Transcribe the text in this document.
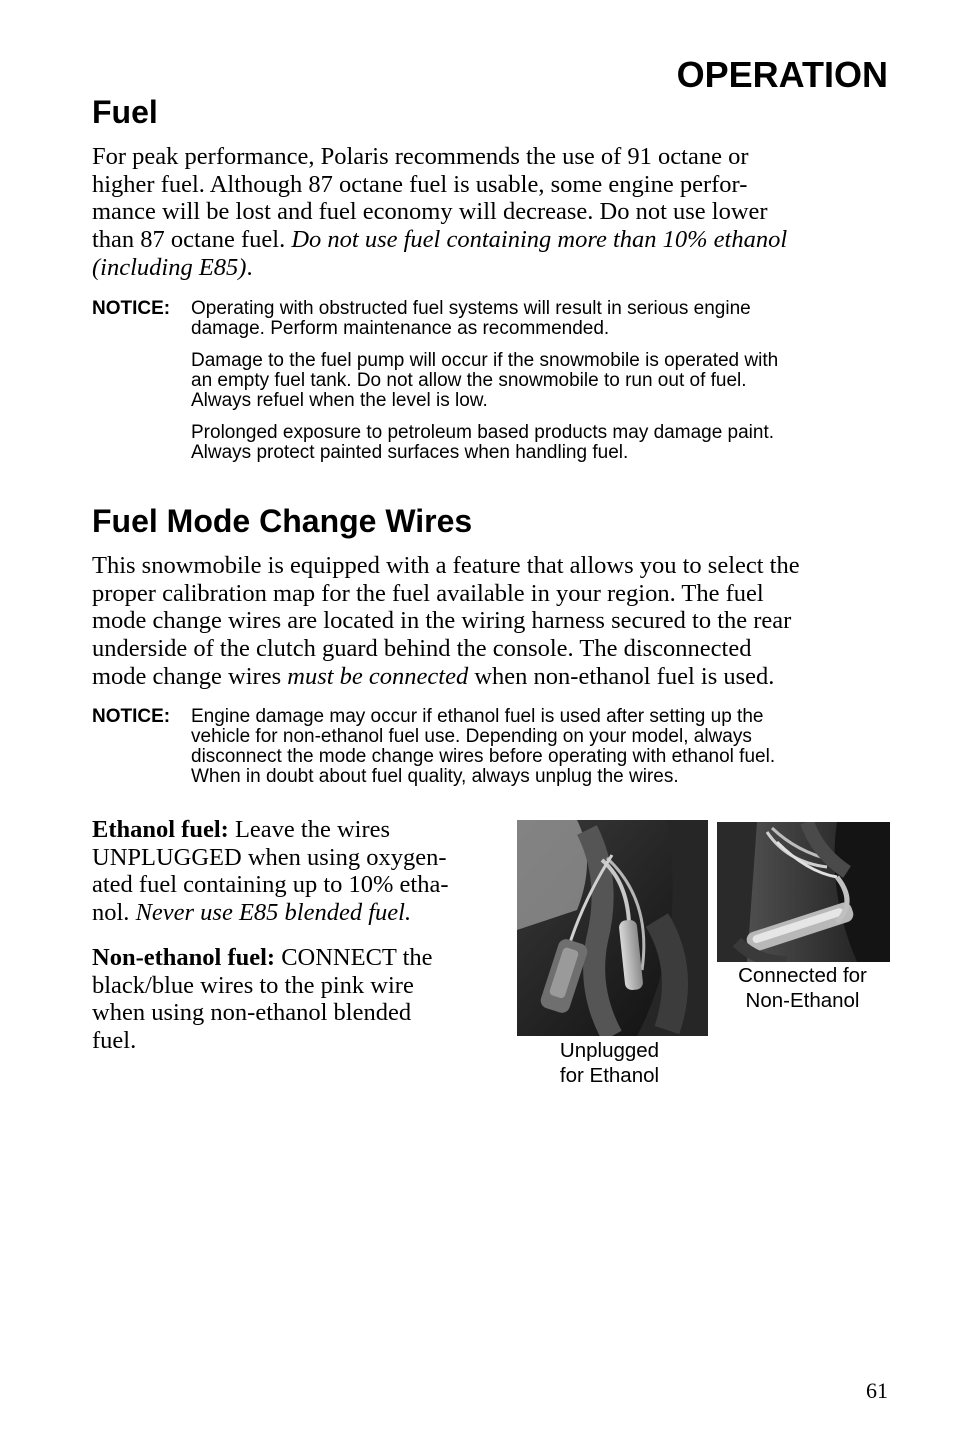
OPERATION
Fuel
For peak performance, Polaris recommends the use of 91 octane or
higher fuel. Although 87 octane fuel is usable, some engine perfor-
mance will be lost and fuel economy will decrease. Do not use lower
than 87 octane fuel. Do not use fuel containing more than 10% ethanol
(including E85).
NOTICE: Operating with obstructed fuel systems will result in serious engine
damage. Perform maintenance as recommended.

Damage to the fuel pump will occur if the snowmobile is operated with
an empty fuel tank. Do not allow the snowmobile to run out of fuel.
Always refuel when the level is low.

Prolonged exposure to petroleum based products may damage paint.
Always protect painted surfaces when handling fuel.

Fuel Mode Change Wires
This snowmobile is equipped with a feature that allows you to select the
proper calibration map for the fuel available in your region. The fuel
mode change wires are located in the wiring harness secured to the rear
underside of the clutch guard behind the console. The disconnected
mode change wires must be connected when non-ethanol fuel is used.
NOTICE: Engine damage may occur if ethanol fuel is used after setting up the
vehicle for non-ethanol fuel use. Depending on your model, always
disconnect the mode change wires before operating with ethanol fuel.
When in doubt about fuel quality, always unplug the wires.

Ethanol fuel: Leave the wires
UNPLUGGED when using oxygen-
ated fuel containing up to 10% etha-
nol. Never use E85 blended fuel.

Non-ethanol fuel: CONNECT the
black/blue wires to the pink wire
when using non-ethanol blended
fuel.	Unplugged
for Ethanol
Connected for
Non-Ethanol
61
